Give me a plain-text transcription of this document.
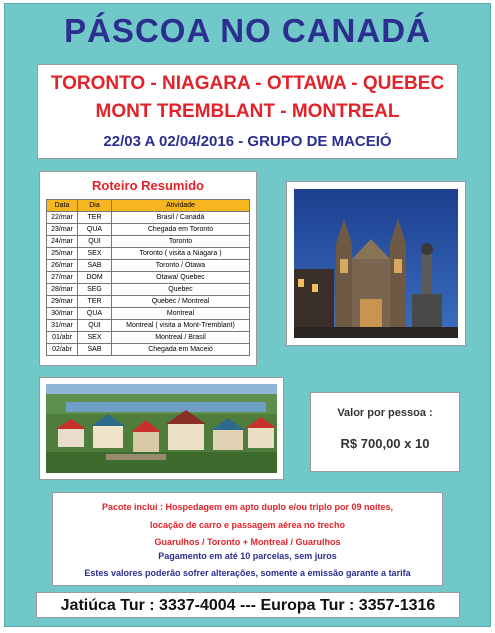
PÁSCOA NO CANADÁ
TORONTO - NIAGARA - OTTAWA - QUEBEC
MONT TREMBLANT - MONTREAL
22/03 A 02/04/2016 - GRUPO DE MACEIÓ
Roteiro Resumido
Data	Dia	Atividade
22/mar	TER	Brasil / Canadá
23/mar	QUA	Chegada em Toronto
24/mar	QUI	Toronto
25/mar	SEX	Toronto ( visita a Niagara )
26/mar	SAB	Toronto / Otawa
27/mar	DOM	Otawa/ Quebec
28/mar	SEG	Quebec
29/mar	TER	Quebec / Montreal
30/mar	QUA	Montreal
31/mar	QUI	Montreal ( visita a Mont-Tremblant)
01/abr	SEX	Montreal / Brasil
02/abr	SAB	Chegada em Maceió
Valor por pessoa :
R$ 700,00 x 10
Pacote inclui : Hospedagem em apto duplo e/ou triplo por 09 noites,
locação de carro e passagem aérea no trecho
Guarulhos / Toronto + Montreal / Guarulhos
Pagamento em até 10 parcelas, sem juros
Estes valores poderão sofrer alterações, somente a emissão garante a tarifa
Jatiúca Tur : 3337-4004 --- Europa Tur : 3357-1316
